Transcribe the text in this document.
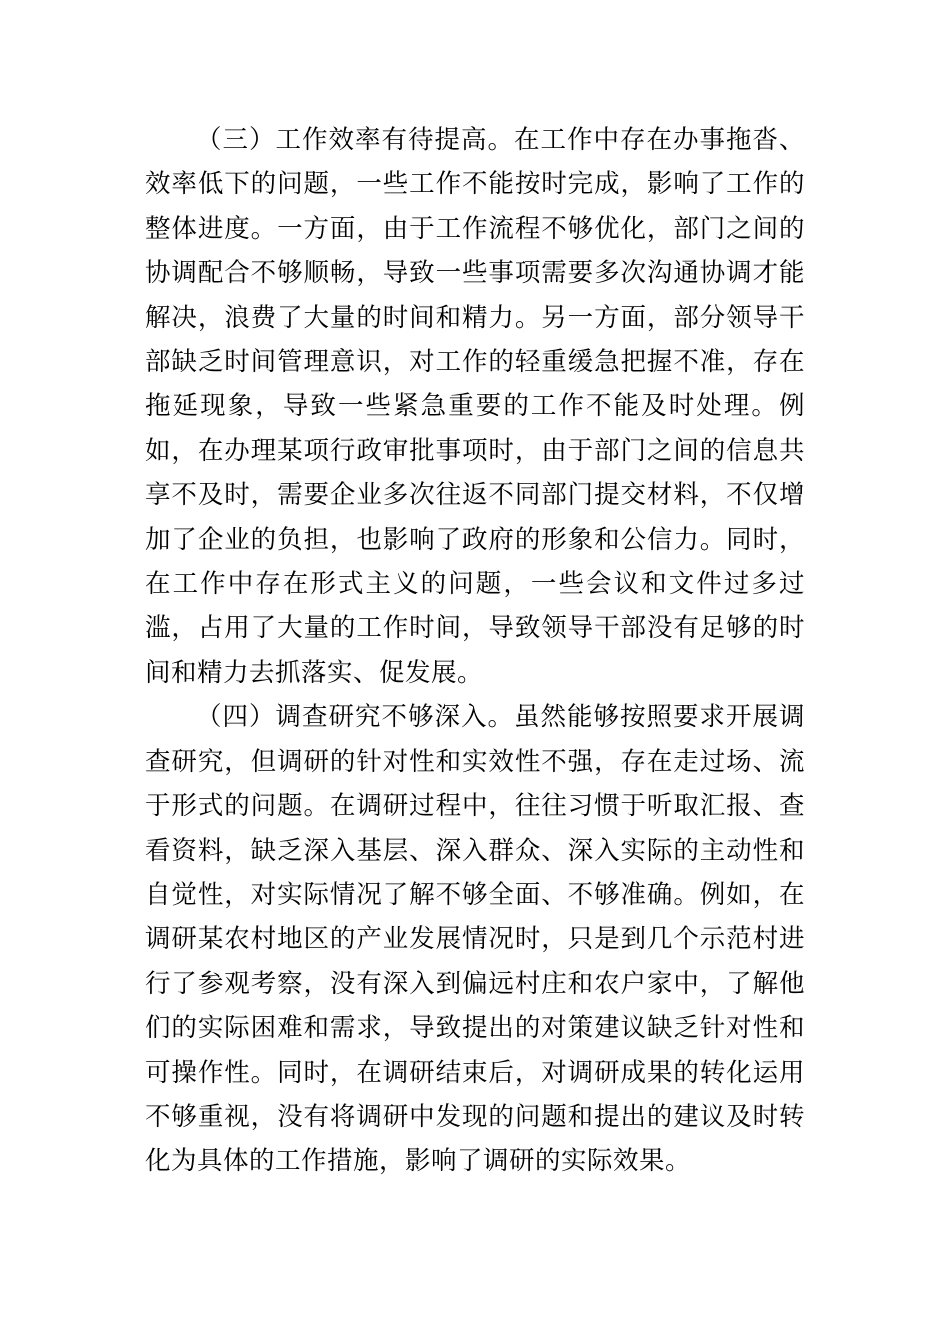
（三）工作效率有待提高。在工作中存在办事拖沓、效率低下的问题，一些工作不能按时完成，影响了工作的整体进度。一方面，由于工作流程不够优化，部门之间的协调配合不够顺畅，导致一些事项需要多次沟通协调才能解决，浪费了大量的时间和精力。另一方面，部分领导干部缺乏时间管理意识，对工作的轻重缓急把握不准，存在拖延现象，导致一些紧急重要的工作不能及时处理。例如，在办理某项行政审批事项时，由于部门之间的信息共享不及时，需要企业多次往返不同部门提交材料，不仅增加了企业的负担，也影响了政府的形象和公信力。同时，在工作中存在形式主义的问题，一些会议和文件过多过滥，占用了大量的工作时间，导致领导干部没有足够的时间和精力去抓落实、促发展。

（四）调查研究不够深入。虽然能够按照要求开展调查研究，但调研的针对性和实效性不强，存在走过场、流于形式的问题。在调研过程中，往往习惯于听取汇报、查看资料，缺乏深入基层、深入群众、深入实际的主动性和自觉性，对实际情况了解不够全面、不够准确。例如，在调研某农村地区的产业发展情况时，只是到几个示范村进行了参观考察，没有深入到偏远村庄和农户家中，了解他们的实际困难和需求，导致提出的对策建议缺乏针对性和可操作性。同时，在调研结束后，对调研成果的转化运用不够重视，没有将调研中发现的问题和提出的建议及时转化为具体的工作措施，影响了调研的实际效果。
